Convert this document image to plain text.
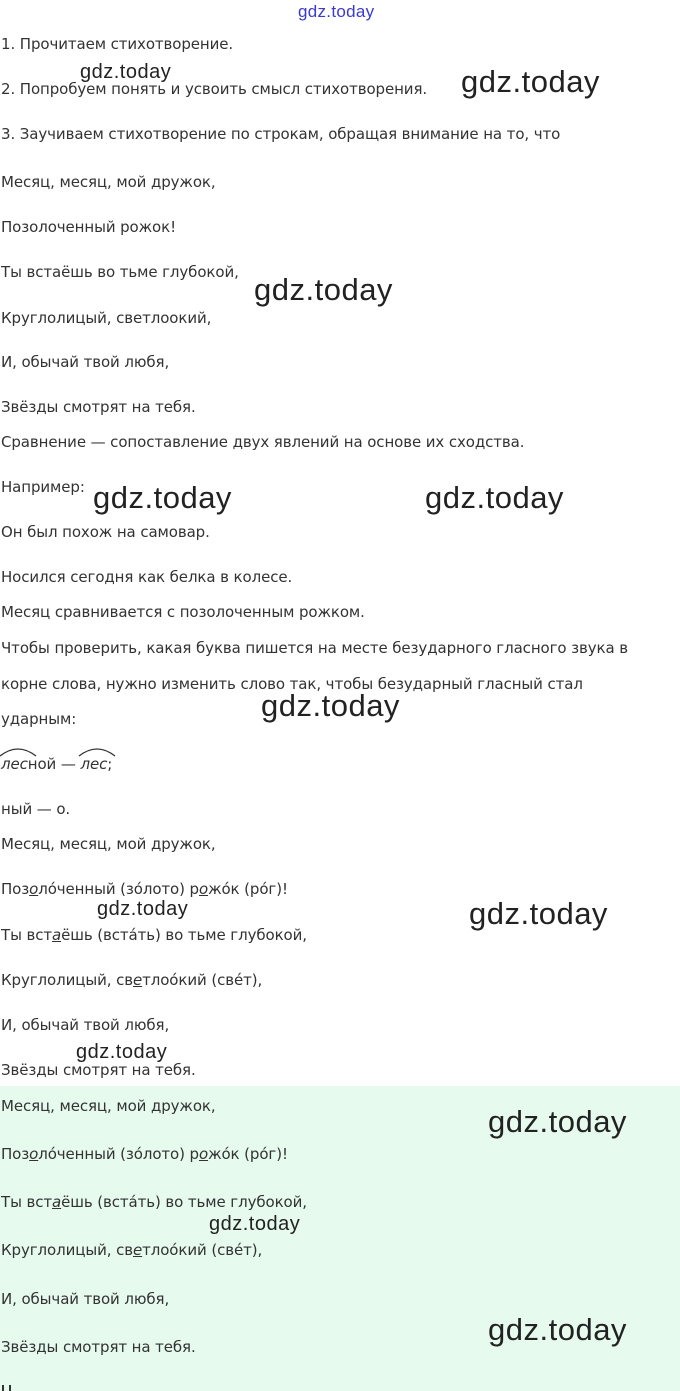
gdz.today
gdz.today	gdz.today
gdz.today
gdz.today	gdz.today
gdz.today
gdz.today	gdz.today
gdz.today
gdz.today
gdz.today
gdz.today
1. Прочитаем стихотворение.
2. Попробуем понять и усвоить смысл стихотворения.
3. Заучиваем стихотворение по строкам, обращая внимание на то, что
Месяц, месяц, мой дружок,
Позолоченный рожок!
Ты встаёшь во тьме глубокой,
Круглолицый, светлоокий,
И, обычай твой любя,
Звёзды смотрят на тебя.
Сравнение — сопоставление двух явлений на основе их сходства.
Например:
Он был похож на самовар.
Носился сегодня как белка в колесе.
Месяц сравнивается с позолоченным рожком.
Чтобы проверить, какая буква пишется на месте безударного гласного звука в
корне слова, нужно изменить слово так, чтобы безударный гласный стал
ударным:
лесной — лес;
ный — о.
Месяц, месяц, мой дружок,
Позоло́ченный (зо́лото) рожо́к (ро́г)!
Ты встаёшь (вста́ть) во тьме глубокой,
Круглолицый, светлоо́кий (све́т),
И, обычай твой любя,
Звёзды смотрят на тебя.
Месяц, месяц, мой дружок,
Позоло́ченный (зо́лото) рожо́к (ро́г)!
Ты встаёшь (вста́ть) во тьме глубокой,
Круглолицый, светлоо́кий (све́т),
И, обычай твой любя,
Звёзды смотрят на тебя.
